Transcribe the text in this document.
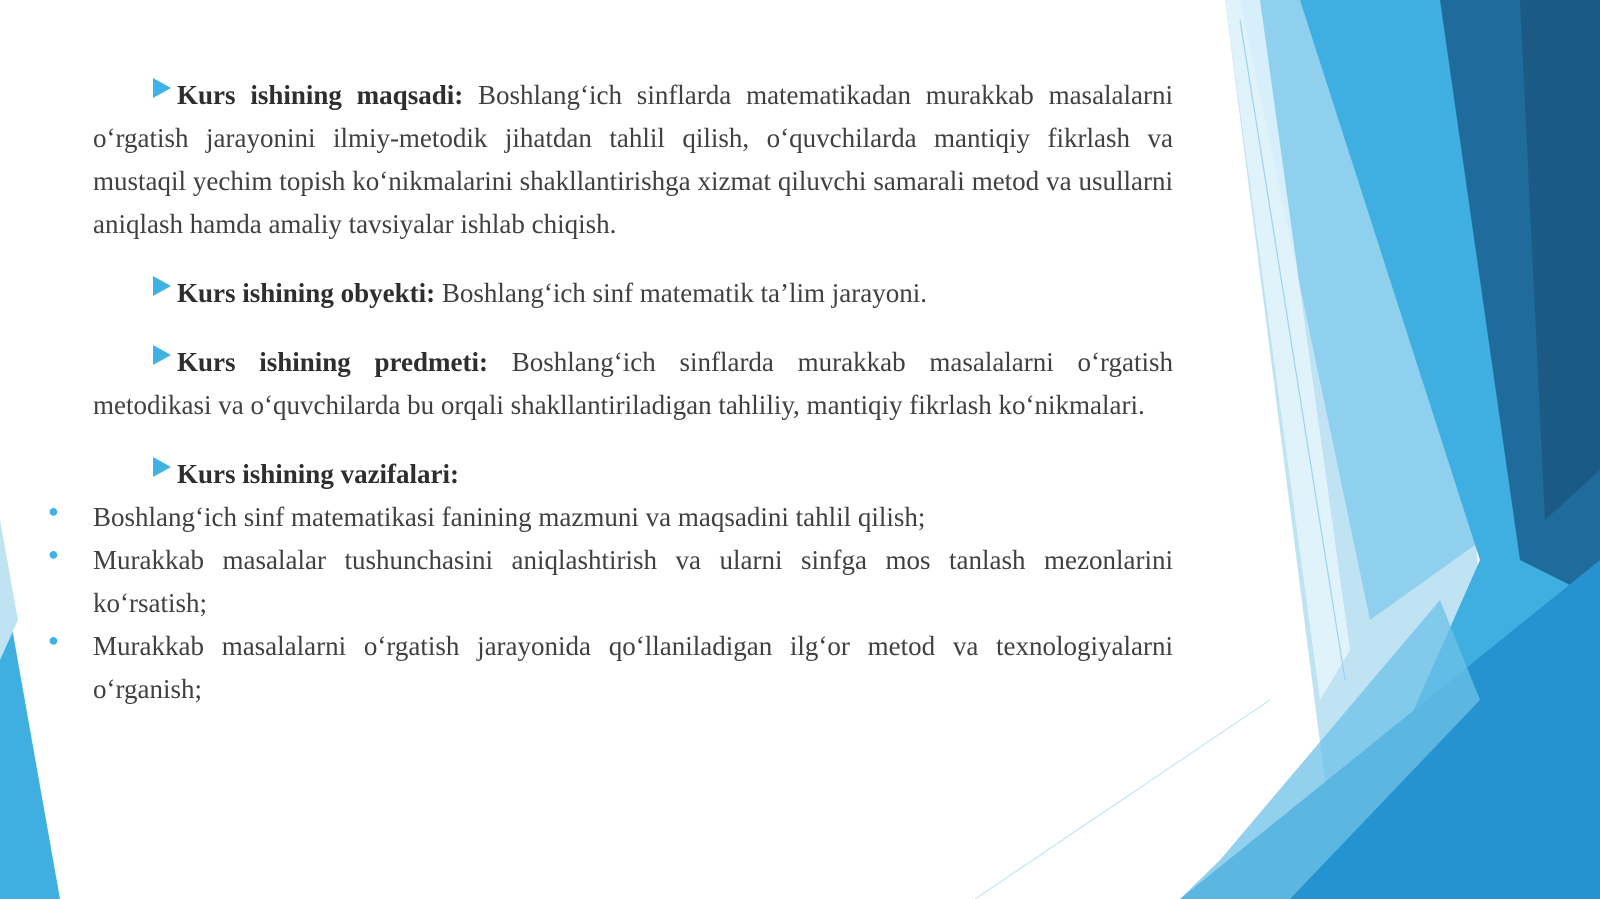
Kurs ishining maqsadi: Boshlang‘ich sinflarda matematikadan murakkab masalalarni o‘rgatish jarayonini ilmiy-metodik jihatdan tahlil qilish, o‘quvchilarda mantiqiy fikrlash va mustaqil yechim topish ko‘nikmalarini shakllantirishga xizmat qiluvchi samarali metod va usullarni aniqlash hamda amaliy tavsiyalar ishlab chiqish.

Kurs ishining obyekti: Boshlang‘ich sinf matematik ta’lim jarayoni.

Kurs ishining predmeti: Boshlang‘ich sinflarda murakkab masalalarni o‘rgatish metodikasi va o‘quvchilarda bu orqali shakllantiriladigan tahliliy, mantiqiy fikrlash ko‘nikmalari.

Kurs ishining vazifalari:

● Boshlang‘ich sinf matematikasi fanining mazmuni va maqsadini tahlil qilish;

● Murakkab masalalar tushunchasini aniqlashtirish va ularni sinfga mos tanlash mezonlarini ko‘rsatish;

● Murakkab masalalarni o‘rgatish jarayonida qo‘llaniladigan ilg‘or metod va texnologiyalarni o‘rganish;
